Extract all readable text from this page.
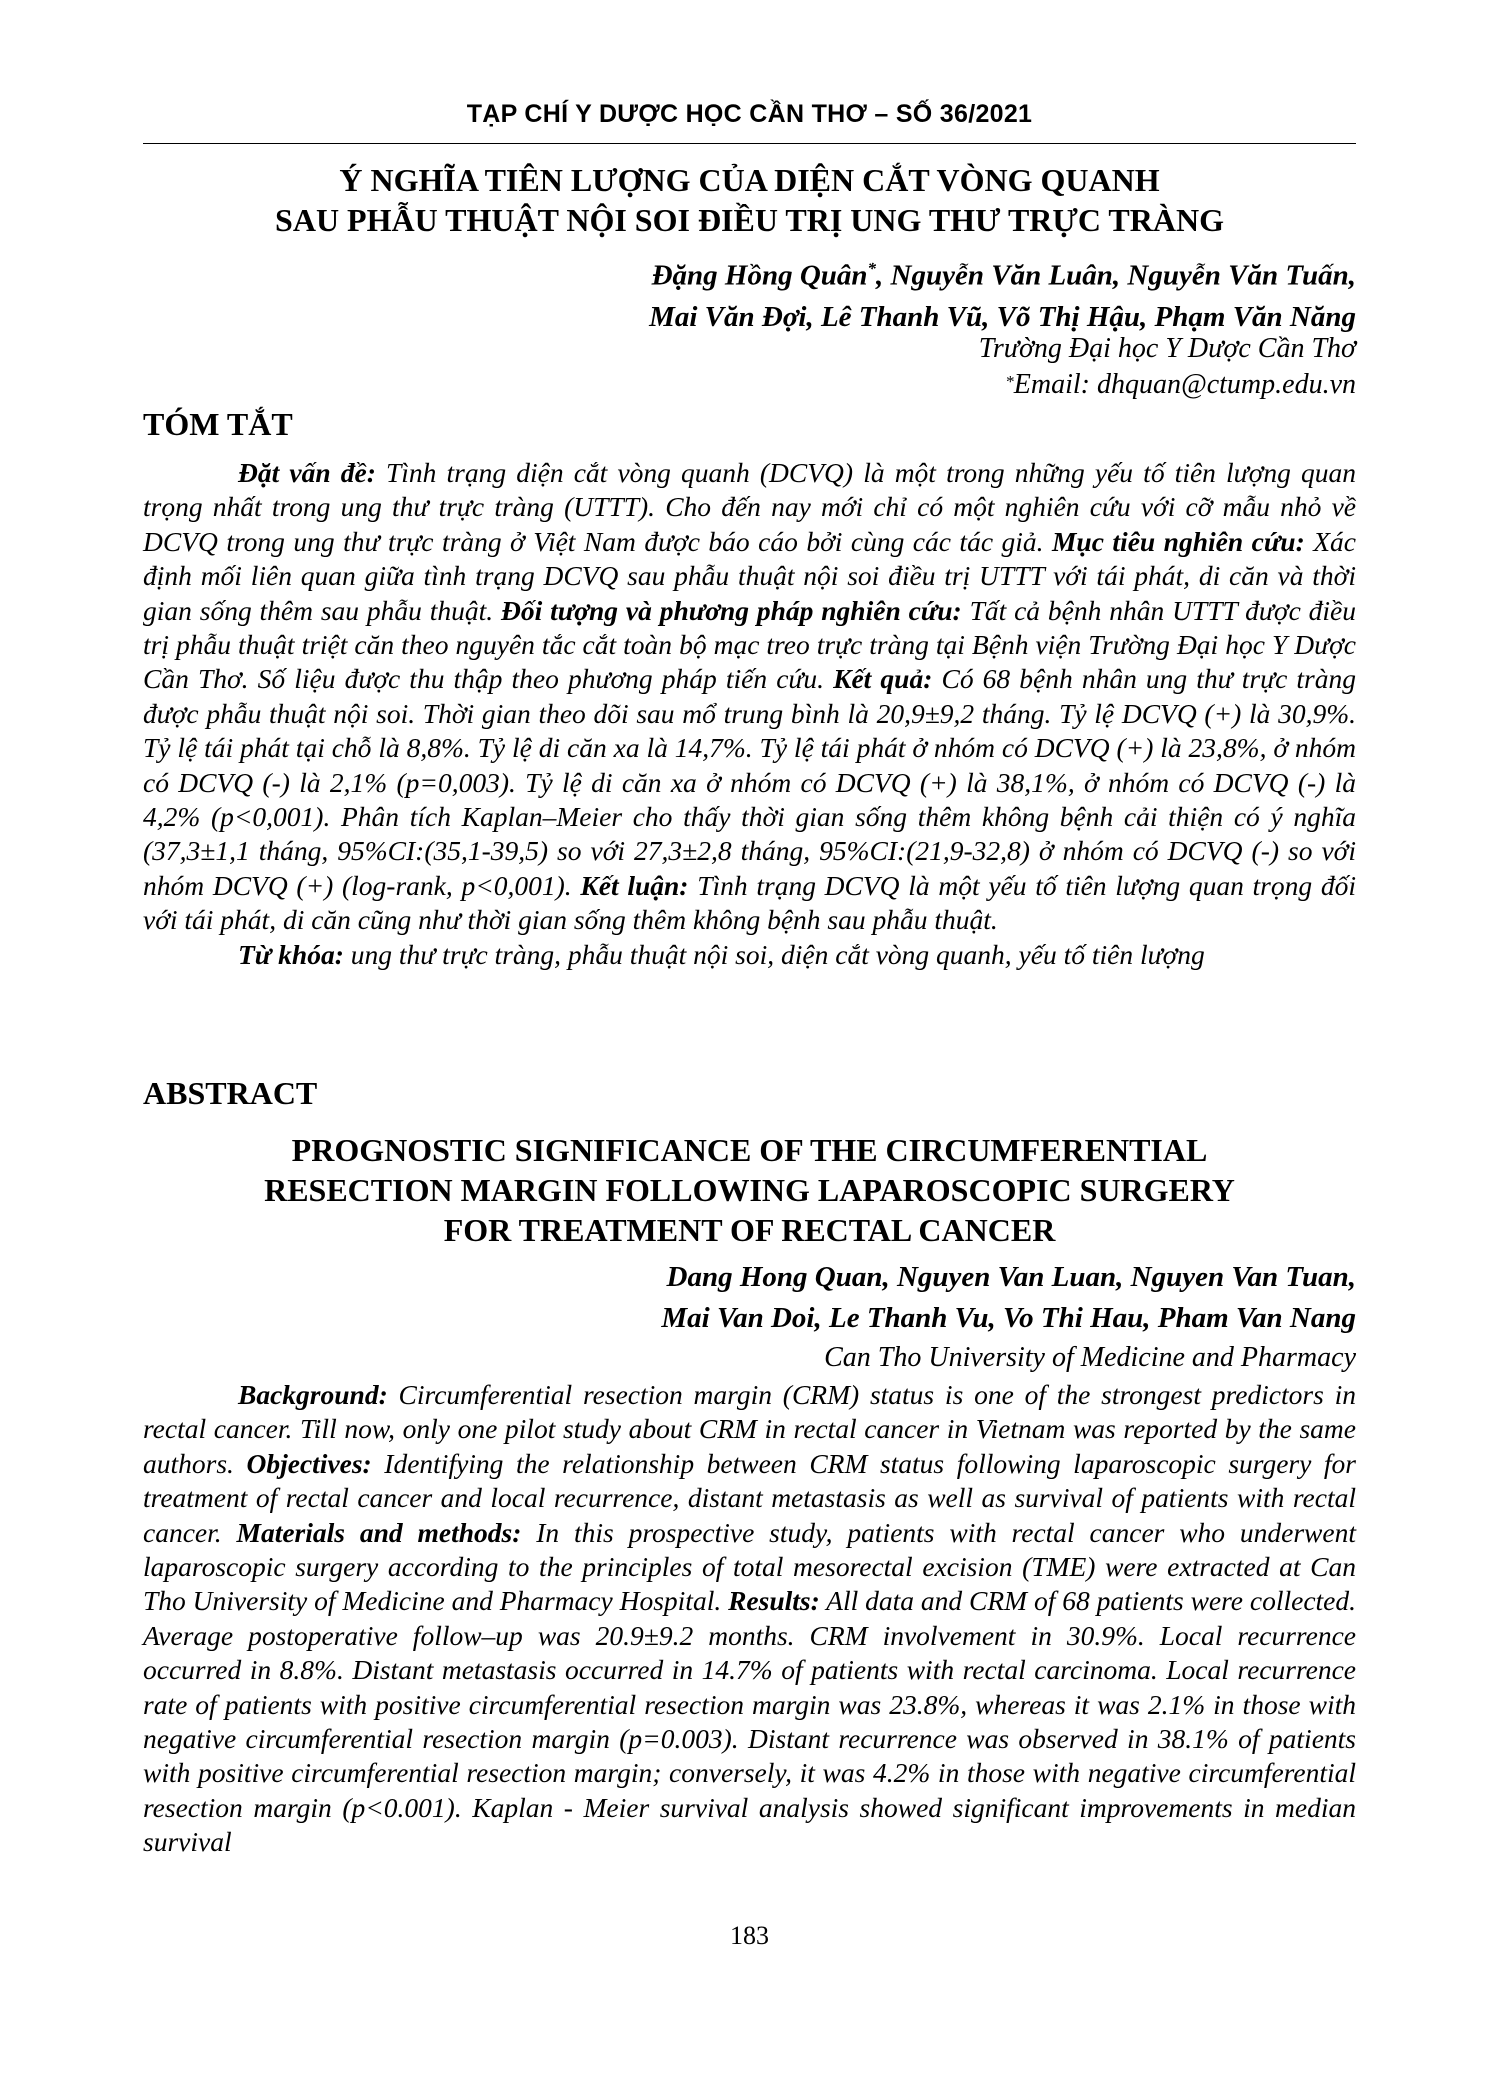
TẠP CHÍ Y DƯỢC HỌC CẦN THƠ – SỐ 36/2021
Ý NGHĨA TIÊN LƯỢNG CỦA DIỆN CẮT VÒNG QUANH
SAU PHẪU THUẬT NỘI SOI ĐIỀU TRỊ UNG THƯ TRỰC TRÀNG
Đặng Hồng Quân*, Nguyễn Văn Luân, Nguyễn Văn Tuấn,
Mai Văn Đợi, Lê Thanh Vũ, Võ Thị Hậu, Phạm Văn Năng
Trường Đại học Y Dược Cần Thơ
*Email: dhquan@ctump.edu.vn
TÓM TẮT

Đặt vấn đề: Tình trạng diện cắt vòng quanh (DCVQ) là một trong những yếu tố tiên lượng quan trọng nhất trong ung thư trực tràng (UTTT). Cho đến nay mới chỉ có một nghiên cứu với cỡ mẫu nhỏ về DCVQ trong ung thư trực tràng ở Việt Nam được báo cáo bởi cùng các tác giả. Mục tiêu nghiên cứu: Xác định mối liên quan giữa tình trạng DCVQ sau phẫu thuật nội soi điều trị UTTT với tái phát, di căn và thời gian sống thêm sau phẫu thuật. Đối tượng và phương pháp nghiên cứu: Tất cả bệnh nhân UTTT được điều trị phẫu thuật triệt căn theo nguyên tắc cắt toàn bộ mạc treo trực tràng tại Bệnh viện Trường Đại học Y Dược Cần Thơ. Số liệu được thu thập theo phương pháp tiến cứu. Kết quả: Có 68 bệnh nhân ung thư trực tràng được phẫu thuật nội soi. Thời gian theo dõi sau mổ trung bình là 20,9±9,2 tháng. Tỷ lệ DCVQ (+) là 30,9%. Tỷ lệ tái phát tại chỗ là 8,8%. Tỷ lệ di căn xa là 14,7%. Tỷ lệ tái phát ở nhóm có DCVQ (+) là 23,8%, ở nhóm có DCVQ (-) là 2,1% (p=0,003). Tỷ lệ di căn xa ở nhóm có DCVQ (+) là 38,1%, ở nhóm có DCVQ (-) là 4,2% (p<0,001). Phân tích Kaplan–Meier cho thấy thời gian sống thêm không bệnh cải thiện có ý nghĩa (37,3±1,1 tháng, 95%CI:(35,1-39,5) so với 27,3±2,8 tháng, 95%CI:(21,9-32,8) ở nhóm có DCVQ (-) so với nhóm DCVQ (+) (log-rank, p<0,001). Kết luận: Tình trạng DCVQ là một yếu tố tiên lượng quan trọng đối với tái phát, di căn cũng như thời gian sống thêm không bệnh sau phẫu thuật.

Từ khóa: ung thư trực tràng, phẫu thuật nội soi, diện cắt vòng quanh, yếu tố tiên lượng

ABSTRACT
PROGNOSTIC SIGNIFICANCE OF THE CIRCUMFERENTIAL
RESECTION MARGIN FOLLOWING LAPAROSCOPIC SURGERY
FOR TREATMENT OF RECTAL CANCER
Dang Hong Quan, Nguyen Van Luan, Nguyen Van Tuan,
Mai Van Doi, Le Thanh Vu, Vo Thi Hau, Pham Van Nang
Can Tho University of Medicine and Pharmacy

Background: Circumferential resection margin (CRM) status is one of the strongest predictors in rectal cancer. Till now, only one pilot study about CRM in rectal cancer in Vietnam was reported by the same authors. Objectives: Identifying the relationship between CRM status following laparoscopic surgery for treatment of rectal cancer and local recurrence, distant metastasis as well as survival of patients with rectal cancer. Materials and methods: In this prospective study, patients with rectal cancer who underwent laparoscopic surgery according to the principles of total mesorectal excision (TME) were extracted at Can Tho University of Medicine and Pharmacy Hospital. Results: All data and CRM of 68 patients were collected. Average postoperative follow–up was 20.9±9.2 months. CRM involvement in 30.9%. Local recurrence occurred in 8.8%. Distant metastasis occurred in 14.7% of patients with rectal carcinoma. Local recurrence rate of patients with positive circumferential resection margin was 23.8%, whereas it was 2.1% in those with negative circumferential resection margin (p=0.003). Distant recurrence was observed in 38.1% of patients with positive circumferential resection margin; conversely, it was 4.2% in those with negative circumferential resection margin (p<0.001). Kaplan - Meier survival analysis showed significant improvements in median survival

183
